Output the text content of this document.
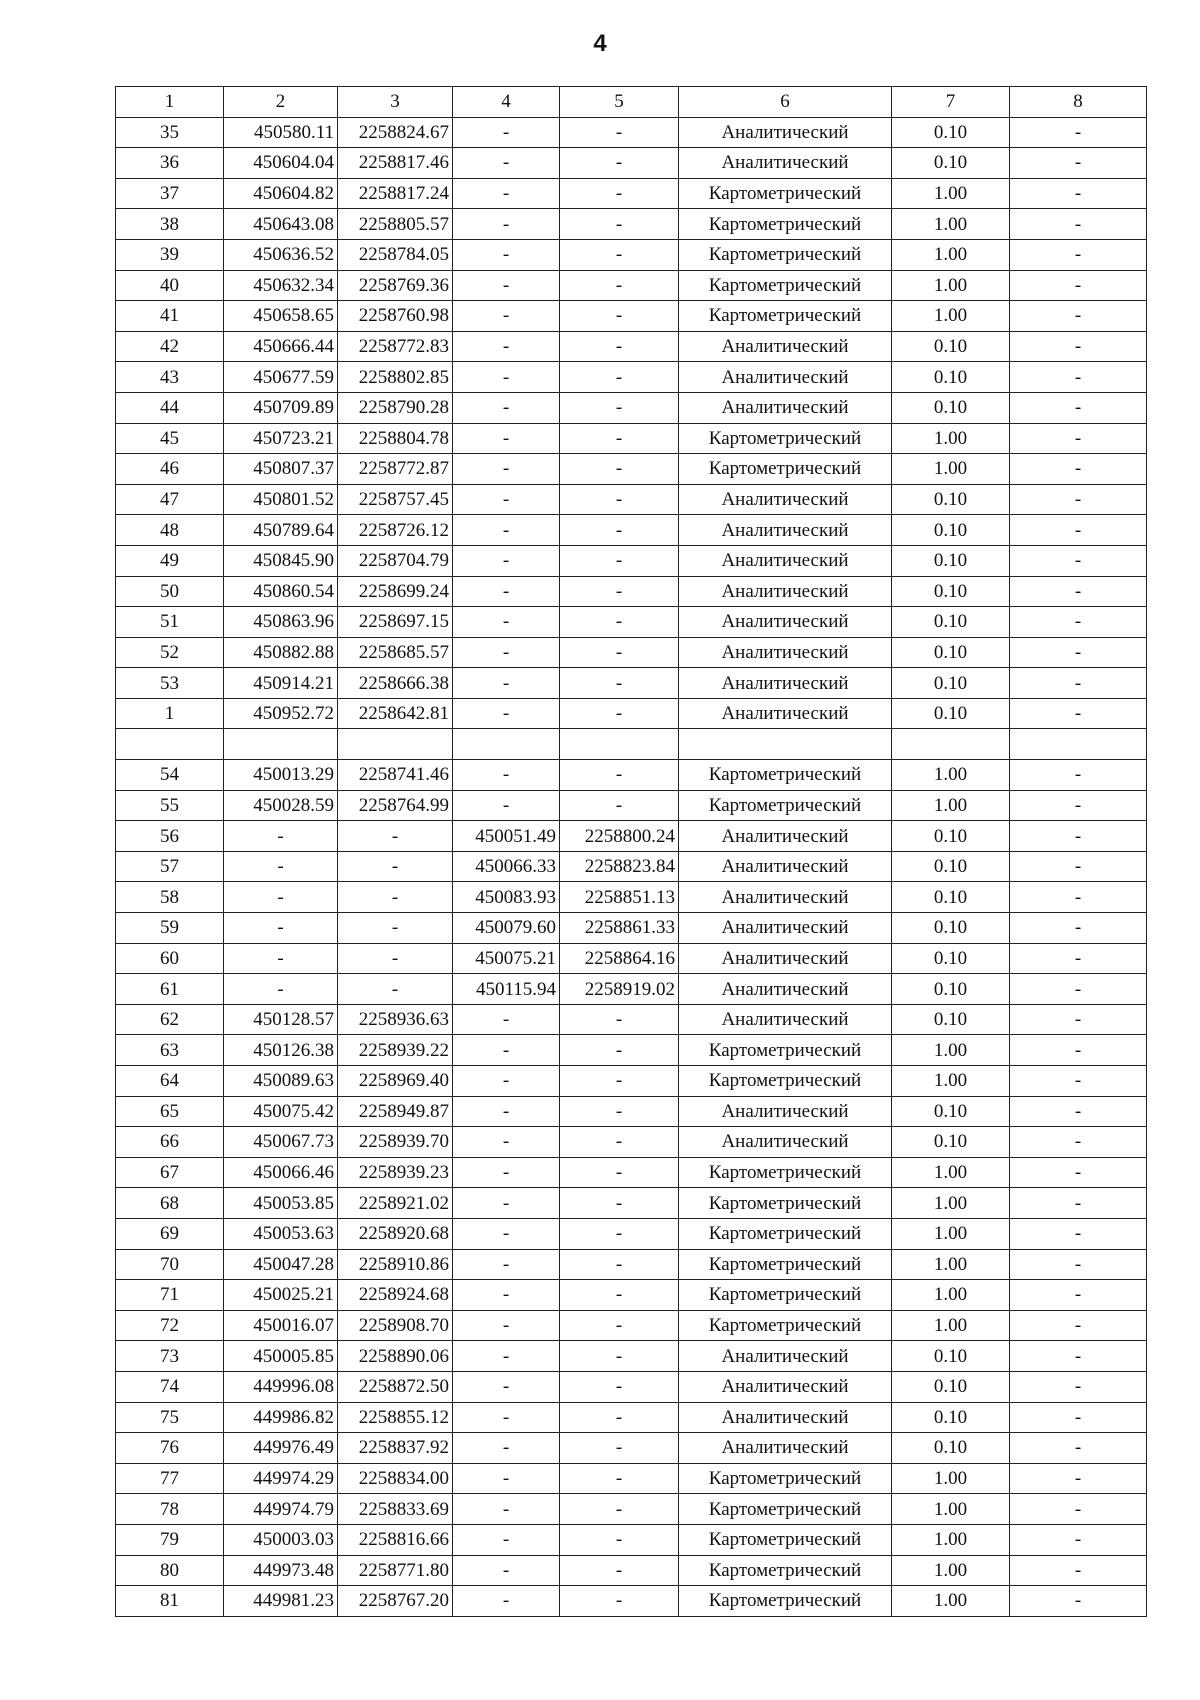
4
1	2	3	4	5	6	7	8
35	450580.11	2258824.67	-	-	Аналитический	0.10	-
36	450604.04	2258817.46	-	-	Аналитический	0.10	-
37	450604.82	2258817.24	-	-	Картометрический	1.00	-
38	450643.08	2258805.57	-	-	Картометрический	1.00	-
39	450636.52	2258784.05	-	-	Картометрический	1.00	-
40	450632.34	2258769.36	-	-	Картометрический	1.00	-
41	450658.65	2258760.98	-	-	Картометрический	1.00	-
42	450666.44	2258772.83	-	-	Аналитический	0.10	-
43	450677.59	2258802.85	-	-	Аналитический	0.10	-
44	450709.89	2258790.28	-	-	Аналитический	0.10	-
45	450723.21	2258804.78	-	-	Картометрический	1.00	-
46	450807.37	2258772.87	-	-	Картометрический	1.00	-
47	450801.52	2258757.45	-	-	Аналитический	0.10	-
48	450789.64	2258726.12	-	-	Аналитический	0.10	-
49	450845.90	2258704.79	-	-	Аналитический	0.10	-
50	450860.54	2258699.24	-	-	Аналитический	0.10	-
51	450863.96	2258697.15	-	-	Аналитический	0.10	-
52	450882.88	2258685.57	-	-	Аналитический	0.10	-
53	450914.21	2258666.38	-	-	Аналитический	0.10	-
1	450952.72	2258642.81	-	-	Аналитический	0.10	-

54	450013.29	2258741.46	-	-	Картометрический	1.00	-
55	450028.59	2258764.99	-	-	Картометрический	1.00	-
56	-	-	450051.49	2258800.24	Аналитический	0.10	-
57	-	-	450066.33	2258823.84	Аналитический	0.10	-
58	-	-	450083.93	2258851.13	Аналитический	0.10	-
59	-	-	450079.60	2258861.33	Аналитический	0.10	-
60	-	-	450075.21	2258864.16	Аналитический	0.10	-
61	-	-	450115.94	2258919.02	Аналитический	0.10	-
62	450128.57	2258936.63	-	-	Аналитический	0.10	-
63	450126.38	2258939.22	-	-	Картометрический	1.00	-
64	450089.63	2258969.40	-	-	Картометрический	1.00	-
65	450075.42	2258949.87	-	-	Аналитический	0.10	-
66	450067.73	2258939.70	-	-	Аналитический	0.10	-
67	450066.46	2258939.23	-	-	Картометрический	1.00	-
68	450053.85	2258921.02	-	-	Картометрический	1.00	-
69	450053.63	2258920.68	-	-	Картометрический	1.00	-
70	450047.28	2258910.86	-	-	Картометрический	1.00	-
71	450025.21	2258924.68	-	-	Картометрический	1.00	-
72	450016.07	2258908.70	-	-	Картометрический	1.00	-
73	450005.85	2258890.06	-	-	Аналитический	0.10	-
74	449996.08	2258872.50	-	-	Аналитический	0.10	-
75	449986.82	2258855.12	-	-	Аналитический	0.10	-
76	449976.49	2258837.92	-	-	Аналитический	0.10	-
77	449974.29	2258834.00	-	-	Картометрический	1.00	-
78	449974.79	2258833.69	-	-	Картометрический	1.00	-
79	450003.03	2258816.66	-	-	Картометрический	1.00	-
80	449973.48	2258771.80	-	-	Картометрический	1.00	-
81	449981.23	2258767.20	-	-	Картометрический	1.00	-
